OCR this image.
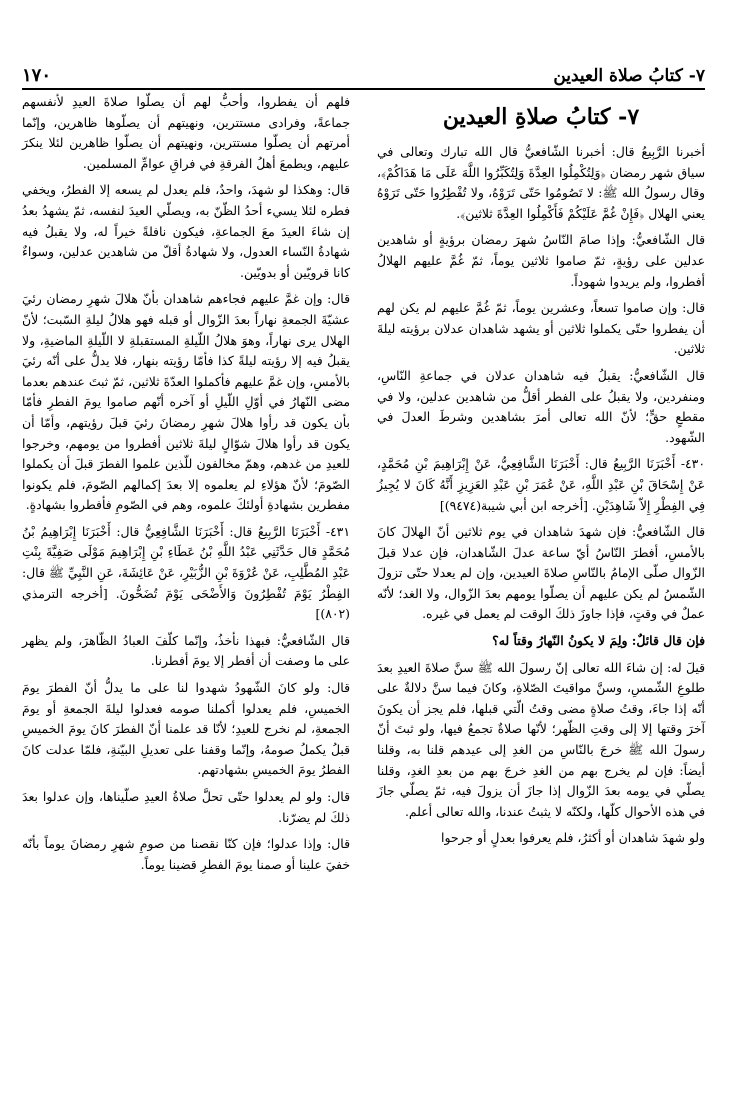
٧- كتابُ صلاة العيدين
١٧٠
٧- كتابُ صلاةِ العيدين

أخبرنا الرَّبِيعُ قال: أخبرنا الشّافعيُّ قال الله تبارك وتعالى في سياق شهر رمضان ﴿وَلِتُكْمِلُوا العِدَّةَ وَلِتُكَبِّرُوا اللَّهَ عَلَى مَا هَدَاكُمْ﴾، وقال رسولُ الله ﷺ: لا تَصُومُوا حَتّى تَرَوْهُ، ولا تُفْطِرُوا حَتّى تَرَوْهُ يعني الهلال ﴿فَإِنْ غُمَّ عَلَيْكُمْ فَأَكْمِلُوا العِدَّةَ ثلاثين﴾.

قال الشّافعيُّ: وإذا صامَ النّاسُ شهرَ رمضان برؤيةٍ أو شاهدين عدلين على رؤيةٍ، ثمّ صاموا ثلاثين يوماً، ثمّ غُمَّ عليهم الهلالُ أفطروا، ولم يريدوا شهوداً.

قال: وإن صاموا تسعاً، وعشرين يوماً، ثمّ غُمَّ عليهم لم يكن لهم أن يفطروا حتّى يكملوا ثلاثين أو يشهد شاهدان عدلان برؤيته ليلةَ ثلاثين.

قال الشّافعيُّ: يقبلُ فيه شاهدان عدلان في جماعةِ النّاسِ، ومنفردين، ولا يقبلُ على الفطر أقلُّ من شاهدين عدلين، ولا في مقطعٍ حقٍّ؛ لأنّ الله تعالى أمرَ بشاهدين وشرطَ العدلَ في الشّهود.

٤٣٠- أَخْبَرَنَا الرَّبِيعُ قال: أَخْبَرَنَا الشَّافِعِيُّ، عَنْ إِبْرَاهِيمَ بْنِ مُحَمَّدٍ، عَنْ إِسْحَاقَ بْنِ عَبْدِ اللَّهِ، عَنْ عُمَرَ بْنِ عَبْدِ العَزِيزِ أَنَّهُ كَانَ لا يُجِيزُ فِي الفِطْرِ إِلاّ شَاهِدَيْنِ. [أخرجه ابن أبي شيبة(٩٤٧٤)]

قال الشّافعيُّ: فإن شهدَ شاهدان في يوم ثلاثين أنّ الهلالَ كانَ بالأمسِ، أفطرَ النّاسُ أيّ ساعة عدلَ الشّاهدان، فإن عدلا قبلَ الزّوال صلّى الإمامُ بالنّاسِ صلاةَ العيدين، وإن لم يعدلا حتّى تزولَ الشّمسُ لم يكن عليهم أن يصلّوا يومهم بعدَ الزّوال، ولا الغد؛ لأنّه عملٌ في وقتٍ، فإذا جاوزَ ذلكَ الوقت لم يعمل في غيره.

فإن قال قائلٌ: ولِمَ لا يكونُ النّهارُ وقتاً له؟

قيلَ له: إن شاءَ الله تعالى إنّ رسولَ الله ﷺ سنَّ صلاةَ العيدِ بعدَ طلوعِ الشّمسِ، وسنَّ مواقيتَ الصّلاةِ، وكانَ فيما سنَّ دلالةٌ على أنّه إذا جاءَ، وقتُ صلاةٍ مضى وقتُ الّتي قبلها، فلم يجز أن يكونَ آخرَ وقتها إلا إلى وقتِ الظّهر؛ لأنّها صلاةٌ تجمعُ فيها، ولو ثبتَ أنّ رسولَ الله ﷺ خرجَ بالنّاسِ من الغدِ إلى عيدهم قلنا به، وقلنا أيضاً: فإن لم يخرج بهم من الغدِ خرجَ بهم من بعدِ الغدِ، وقلنا يصلّي في يومه بعدَ الزّوال إذا جازَ أن يزولَ فيه، ثمّ يصلّي جازَ في هذه الأحوال كلّها، ولكنّه لا يثبتُ عندنا، والله تعالى أعلم.

ولو شهدَ شاهدان أو أكثرُ، فلم يعرفوا بعدلٍ أو جرحوا

فلهم أن يفطروا، وأحبُّ لهم أن يصلّوا صلاةَ العيدِ لأنفسهم جماعةً، وفرادى مستترين، ونهيتهم أن يصلّوها ظاهرين، وإنّما أمرتهم أن يصلّوا مستترين، ونهيتهم أن يصلّوا ظاهرين لئلا ينكرَ عليهم، ويطمعَ أهلُ الفرقةِ في فراقِ عوامِّ المسلمين.

قال: وهكذا لو شهدَ، واحدٌ، فلم يعدل لم يسعه إلا الفطرُ، ويخفي فطره لئلا يسيء أحدُ الظّنّ به، ويصلّي العيدَ لنفسه، ثمّ يشهدُ بعدُ إن شاءَ العيدَ معَ الجماعةِ، فيكون نافلةً خيراً له، ولا يقبلُ فيه شهادةُ النّساء العدول، ولا شهادةُ أقلّ من شاهدين عدلين، وسواءٌ كانا قرويّين أو بدويّين.

قال: وإن غمَّ عليهم فجاءهم شاهدان بأنّ هلالَ شهرِ رمضان رئيَ عشيّةَ الجمعةِ نهاراً بعدَ الزّوال أو قبله فهو هلالُ ليلةِ السّبت؛ لأنّ الهلال يرى نهاراً، وهوَ هلالُ اللّيلةِ المستقبلةِ لا اللّيلةِ الماضيةِ، ولا يقبلُ فيه إلا رؤيته ليلةً كذا فأمّا رؤيته بنهار، فلا يدلُّ على أنّه رئيَ بالأمسِ، وإن غمَّ عليهم فأكملوا العدّةَ ثلاثين، ثمّ ثبتَ عندهم بعدما مضى النّهارُ في أوّلِ اللّيلِ أو آخره أنّهم صاموا يومَ الفطرِ فأمّا بأن يكون قد رأوا هلالَ شهرِ رمضانَ رئيَ قبلَ رؤيتهم، وأمّا أن يكون قد رأوا هلالَ شوّالٍ ليلةَ ثلاثين أفطروا من يومهم، وخرجوا للعيدِ من غدهم، وهمّ مخالفون للّذين علموا الفطرَ قبلَ أن يكملوا الصّومَ؛ لأنّ هؤلاءِ لم يعلموه إلا بعدَ إكمالهم الصّومَ، فلم يكونوا مفطرين بشهادةِ أولئكَ علموه، وهم في الصّومِ فأفطروا بشهادةٍ.

٤٣١- أَخْبَرَنَا الرَّبِيعُ قال: أَخْبَرَنَا الشَّافِعِيُّ قال: أَخْبَرَنَا إِبْرَاهِيمُ بْنُ مُحَمَّدٍ قال حَدَّثَنِي عَبْدُ اللَّهِ بْنُ عَطَاءِ بْنِ إِبْرَاهِيمَ مَوْلَى صَفِيَّةَ بِنْتِ عَبْدِ المُطَّلِبِ، عَنْ عُرْوَةَ بْنِ الزُّبَيْرِ، عَنْ عَائِشَةَ، عَنِ النَّبِيِّ ﷺ قال: الفِطْرُ يَوْمَ تُفْطِرُونَ وَالأَضْحَى يَوْمَ تُضَحُّونَ. [أخرجه الترمذي (٨٠٢)]

قال الشّافعيُّ: فبهذا نأخذُ، وإنّما كلّفَ العبادُ الظّاهرَ، ولم يظهر على ما وصفت أن أفطر إلا يومَ أفطرنا.

قال: ولو كانَ الشّهودُ شهدوا لنا على ما يدلُّ أنّ الفطرَ يومَ الخميسِ، فلم يعدلوا أكملنا صومه فعدلوا ليلةَ الجمعةِ أو يومَ الجمعةِ، لم نخرج للعيدِ؛ لأنّا قد علمنا أنّ الفطرَ كانَ يومَ الخميسِ قبلُ يكملُ صومهُ، وإنّما وقفنا على تعديلِ البيّنةِ، فلمّا عدلت كانَ الفطرُ يومَ الخميسِ بشهادتهم.

قال: ولو لم يعدلوا حتّى تحلَّ صلاةُ العيدِ صلّيناها، وإن عدلوا بعدَ ذلكَ لم يضرّنا.

قال: وإذا عدلوا؛ فإن كنّا نقصنا من صومِ شهرِ رمضانَ يوماً بأنّه خفيَ علينا أو صمنا يومَ الفطرِ قضينا يوماً.
